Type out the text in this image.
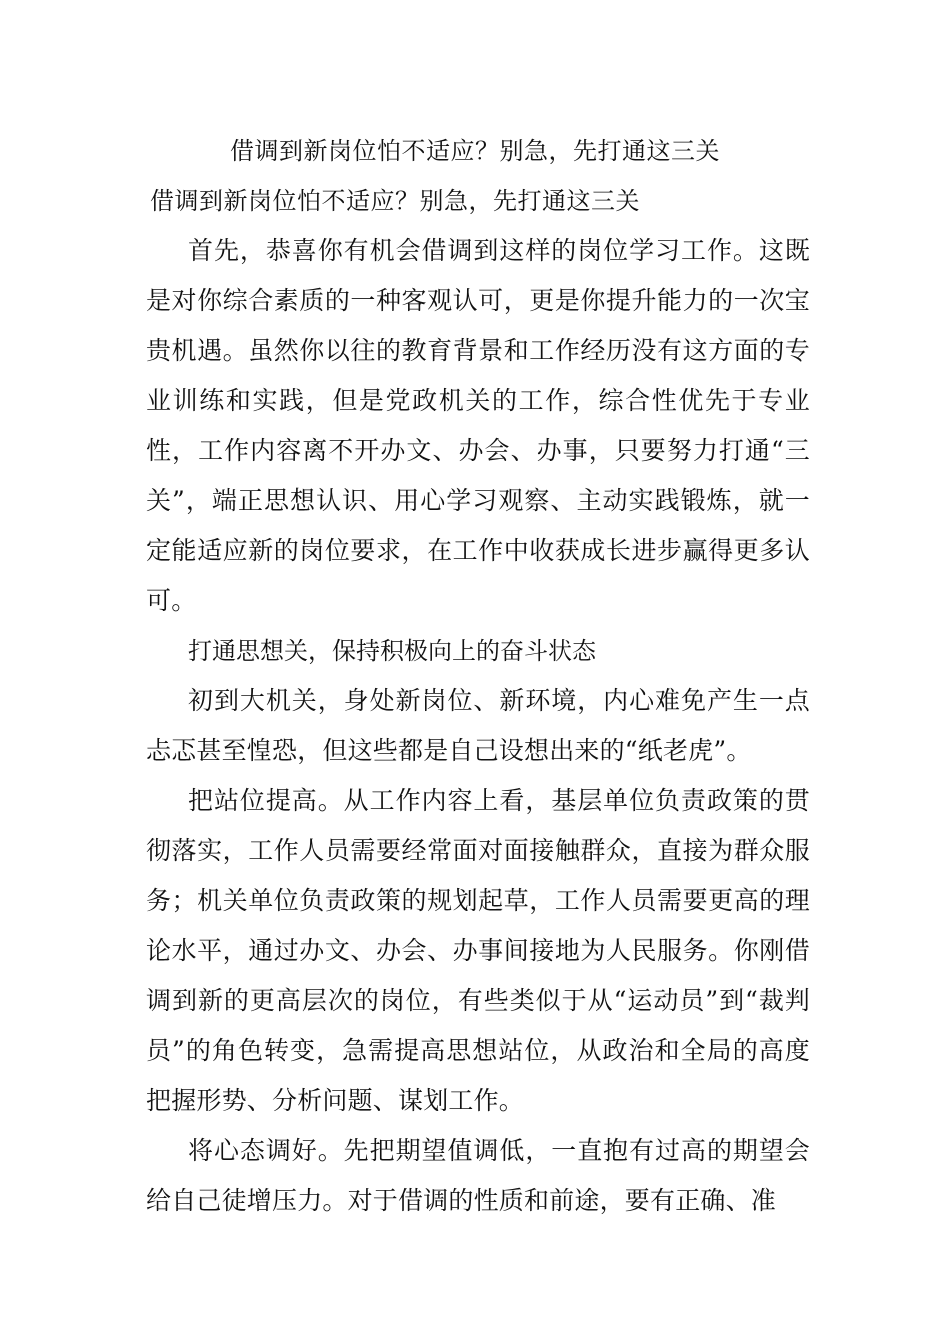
借调到新岗位怕不适应？别急，先打通这三关
借调到新岗位怕不适应？别急，先打通这三关

首先，恭喜你有机会借调到这样的岗位学习工作。这既是对你综合素质的一种客观认可，更是你提升能力的一次宝贵机遇。虽然你以往的教育背景和工作经历没有这方面的专业训练和实践，但是党政机关的工作，综合性优先于专业性，工作内容离不开办文、办会、办事，只要努力打通“三关”，端正思想认识、用心学习观察、主动实践锻炼，就一定能适应新的岗位要求，在工作中收获成长进步赢得更多认可。

打通思想关，保持积极向上的奋斗状态

初到大机关，身处新岗位、新环境，内心难免产生一点忐忑甚至惶恐，但这些都是自己设想出来的“纸老虎”。

把站位提高。从工作内容上看，基层单位负责政策的贯彻落实，工作人员需要经常面对面接触群众，直接为群众服务；机关单位负责政策的规划起草，工作人员需要更高的理论水平，通过办文、办会、办事间接地为人民服务。你刚借调到新的更高层次的岗位，有些类似于从“运动员”到“裁判员”的角色转变，急需提高思想站位，从政治和全局的高度把握形势、分析问题、谋划工作。

将心态调好。先把期望值调低，一直抱有过高的期望会给自己徒增压力。对于借调的性质和前途，要有正确、准
